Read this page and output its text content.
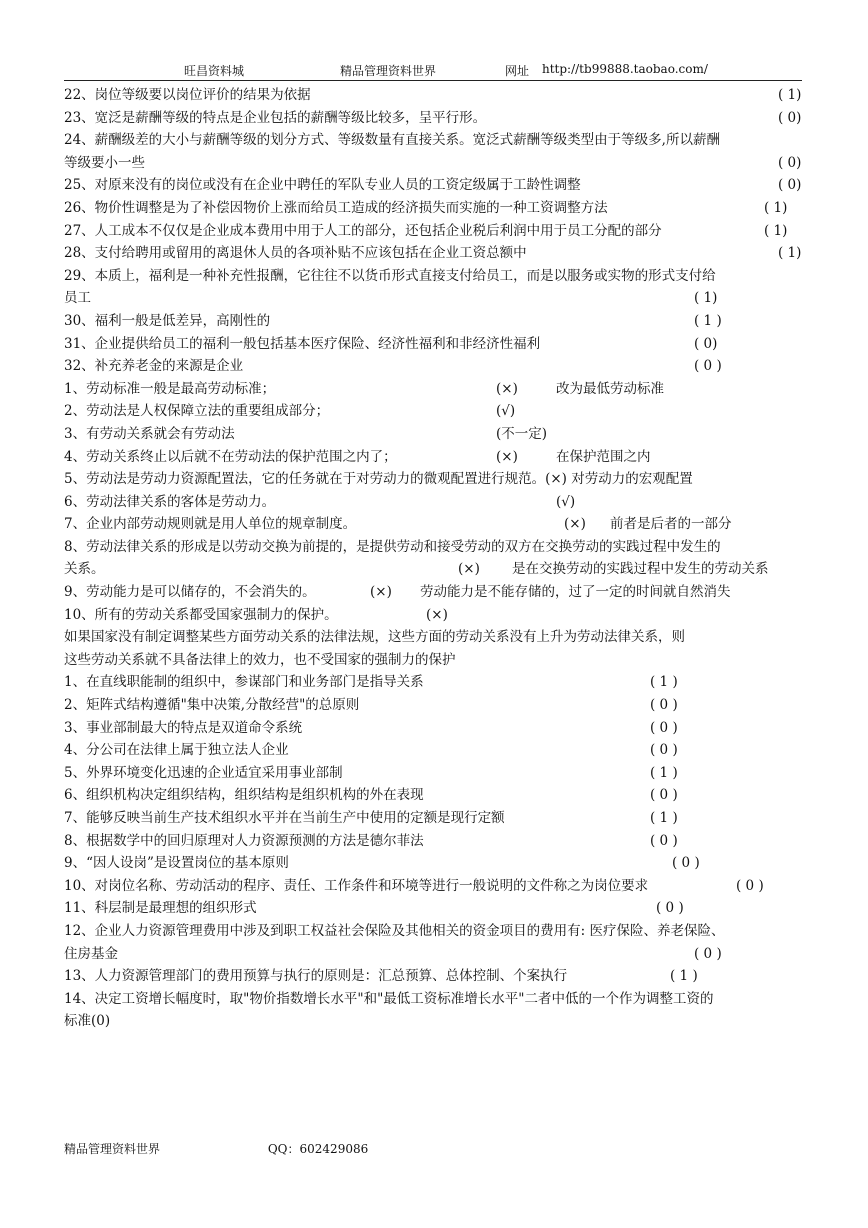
旺昌资料城	精品管理资料世界	网址 http://tb99888.taobao.com/
22、岗位等级要以岗位评价的结果为依据	( 1)
23、宽泛是薪酬等级的特点是企业包括的薪酬等级比较多，呈平行形。	( 0)
24、薪酬级差的大小与薪酬等级的划分方式、等级数量有直接关系。宽泛式薪酬等级类型由于等级多,所以薪酬
等级要小一些	( 0)
25、对原来没有的岗位或没有在企业中聘任的军队专业人员的工资定级属于工龄性调整	( 0)
26、物价性调整是为了补偿因物价上涨而给员工造成的经济损失而实施的一种工资调整方法	( 1)
27、人工成本不仅仅是企业成本费用中用于人工的部分，还包括企业税后利润中用于员工分配的部分	( 1)
28、支付给聘用或留用的离退休人员的各项补贴不应该包括在企业工资总额中	( 1)
29、本质上，福利是一种补充性报酬，它往往不以货币形式直接支付给员工，而是以服务或实物的形式支付给
员工	( 1)
30、福利一般是低差异，高刚性的	( 1 )
31、企业提供给员工的福利一般包括基本医疗保险、经济性福利和非经济性福利	( 0)
32、补充养老金的来源是企业	( 0 )
1、劳动标准一般是最高劳动标准；	(×)	改为最低劳动标准
2、劳动法是人权保障立法的重要组成部分；	(√)
3、有劳动关系就会有劳动法	(不一定)
4、劳动关系终止以后就不在劳动法的保护范围之内了；	(×)	在保护范围之内
5、劳动法是劳动力资源配置法，它的任务就在于对劳动力的微观配置进行规范。(×) 对劳动力的宏观配置
6、劳动法律关系的客体是劳动力。	(√)
7、企业内部劳动规则就是用人单位的规章制度。	(×) 前者是后者的一部分
8、劳动法律关系的形成是以劳动交换为前提的，是提供劳动和接受劳动的双方在交换劳动的实践过程中发生的
关系。	(×) 是在交换劳动的实践过程中发生的劳动关系
9、劳动能力是可以储存的，不会消失的。	(×) 劳动能力是不能存储的，过了一定的时间就自然消失
10、所有的劳动关系都受国家强制力的保护。	(×)
如果国家没有制定调整某些方面劳动关系的法律法规，这些方面的劳动关系没有上升为劳动法律关系，则
这些劳动关系就不具备法律上的效力，也不受国家的强制力的保护
1、在直线职能制的组织中，参谋部门和业务部门是指导关系	( 1 )
2、矩阵式结构遵循"集中决策,分散经营"的总原则	( 0 )
3、事业部制最大的特点是双道命令系统	( 0 )
4、分公司在法律上属于独立法人企业	( 0 )
5、外界环境变化迅速的企业适宜采用事业部制	( 1 )
6、组织机构决定组织结构，组织结构是组织机构的外在表现	( 0 )
7、能够反映当前生产技术组织水平并在当前生产中使用的定额是现行定额	( 1 )
8、根据数学中的回归原理对人力资源预测的方法是德尔菲法	( 0 )
9、“因人设岗”是设置岗位的基本原则	( 0 )
10、对岗位名称、劳动活动的程序、责任、工作条件和环境等进行一般说明的文件称之为岗位要求	( 0 )
11、科层制是最理想的组织形式	( 0 )
12、企业人力资源管理费用中涉及到职工权益社会保险及其他相关的资金项目的费用有: 医疗保险、养老保险、
住房基金	( 0 )
13、人力资源管理部门的费用预算与执行的原则是：汇总预算、总体控制、个案执行	( 1 )
14、决定工资增长幅度时，取"物价指数增长水平"和"最低工资标准增长水平"二者中低的一个作为调整工资的
标准(0)
精品管理资料世界	QQ：602429086
